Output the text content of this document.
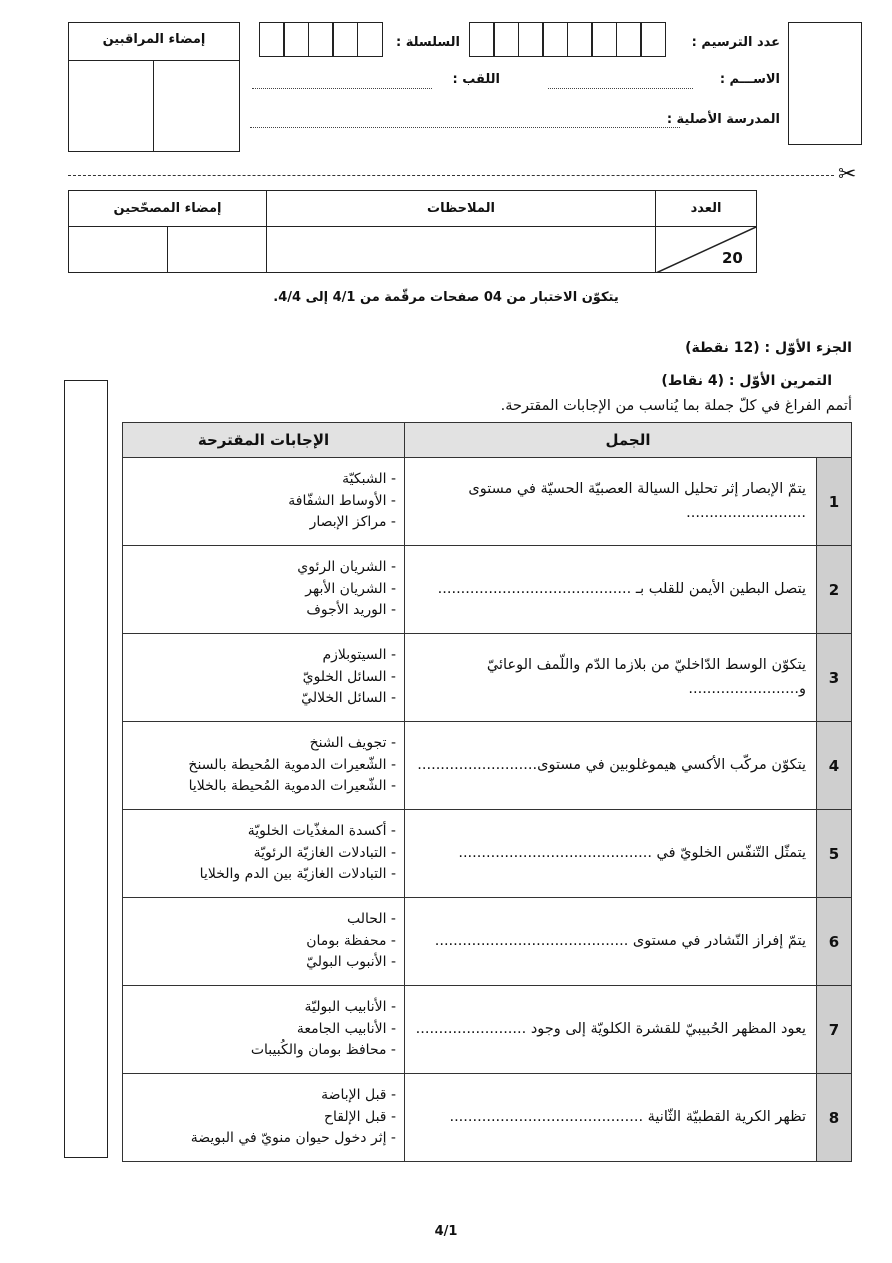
عدد الترسيم :
السلسلة :
الاســـم :
اللقب :
المدرسة الأصلية :
إمضاء المراقبين
✂
	العدد	الملاحظات	إمضاء المصحّحين	

	20			

يتكوّن الاختبار من 04 صفحات مرقّمة من 4/1 إلى 4/4.
الجزء الأوّل : (12 نقطة)
التمرين الأوّل : (4 نقاط)
أتمم الفراغ في كلّ جملة بما يُناسب من الإجابات المقترحة.
الجمل		الإجابات المقترحة
1	يتمّ الإبصار إثر تحليل السيالة العصبيّة الحسيّة في مستوى ..........................	- الشبكيّة
- الأوساط الشفّافة
- مراكز الإبصار

2	يتصل البطين الأيمن للقلب بـ ..........................................	- الشريان الرئوي
- الشريان الأبهر
- الوريد الأجوف

3	يتكوّن الوسط الدّاخليّ من بلازما الدّم واللّمف الوعائيّ و........................	- السيتوبلازم
- السائل الخلويّ
- السائل الخلاليّ

4	يتكوّن مركّب الأكسي هيموغلوبين في مستوى..........................	- تجويف الشنخ
- الشّعيرات الدموية المُحيطة بالسنخ
- الشّعيرات الدموية المُحيطة بالخلايا

5	يتمثّل التّنفّس الخلويّ في ..........................................	- أكسدة المغذّيات الخلويّة
- التبادلات الغازيّة الرئويّة
- التبادلات الغازيّة بين الدم والخلايا

6	يتمّ إفراز النّشادر في مستوى ..........................................	- الحالب
- محفظة بومان
- الأنبوب البوليّ

7	يعود المظهر الحُبيبيّ للقشرة الكلويّة إلى وجود ........................	- الأنابيب البوليّة
- الأنابيب الجامعة
- محافظ بومان والكُبيبات

8	تظهر الكرية القطبيّة الثّانية ..........................................	- قبل الإباضة
- قبل الإلقاح
- إثر دخول حيوان منويّ في البويضة
4/1
